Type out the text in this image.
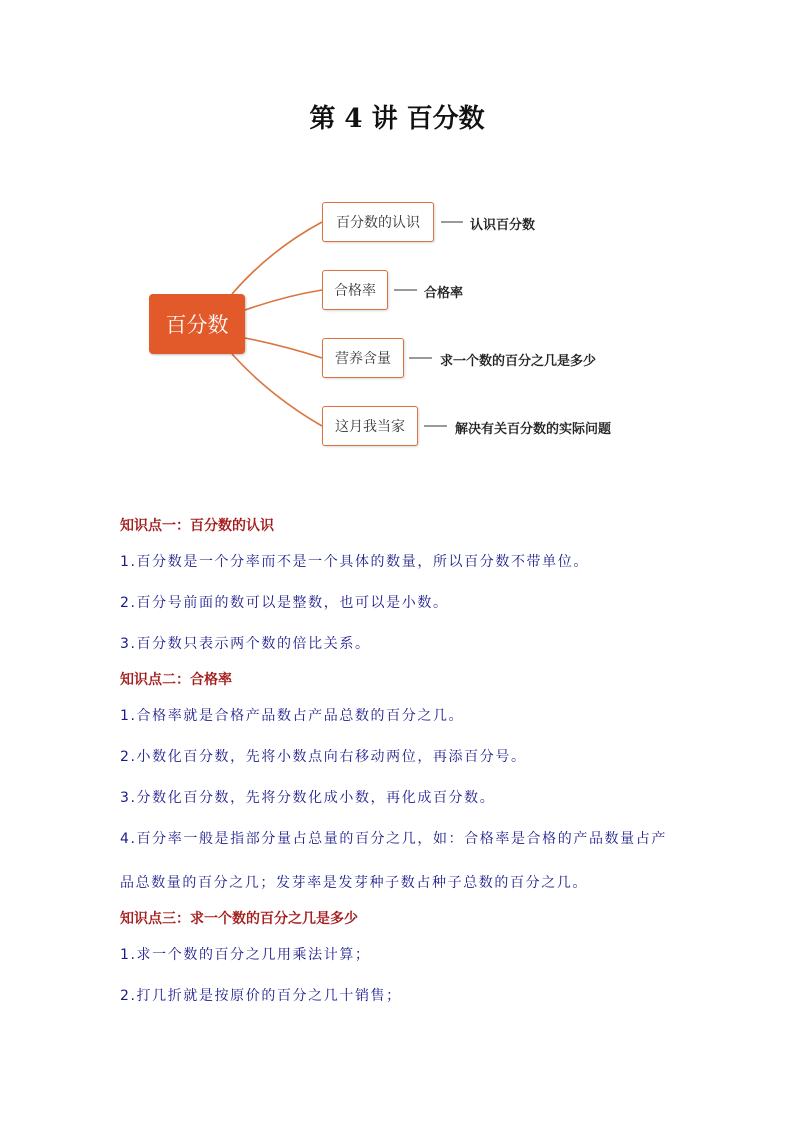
第 4 讲 百分数
百分数
百分数的认识
合格率
营养含量
这月我当家
认识百分数
合格率
求一个数的百分之几是多少
解决有关百分数的实际问题

知识点一：百分数的认识

1.百分数是一个分率而不是一个具体的数量，所以百分数不带单位。

2.百分号前面的数可以是整数，也可以是小数。

3.百分数只表示两个数的倍比关系。

知识点二：合格率

1.合格率就是合格产品数占产品总数的百分之几。

2.小数化百分数，先将小数点向右移动两位，再添百分号。

3.分数化百分数，先将分数化成小数，再化成百分数。

4.百分率一般是指部分量占总量的百分之几，如：合格率是合格的产品数量占产

品总数量的百分之几；发芽率是发芽种子数占种子总数的百分之几。

知识点三：求一个数的百分之几是多少

1.求一个数的百分之几用乘法计算；

2.打几折就是按原价的百分之几十销售；
